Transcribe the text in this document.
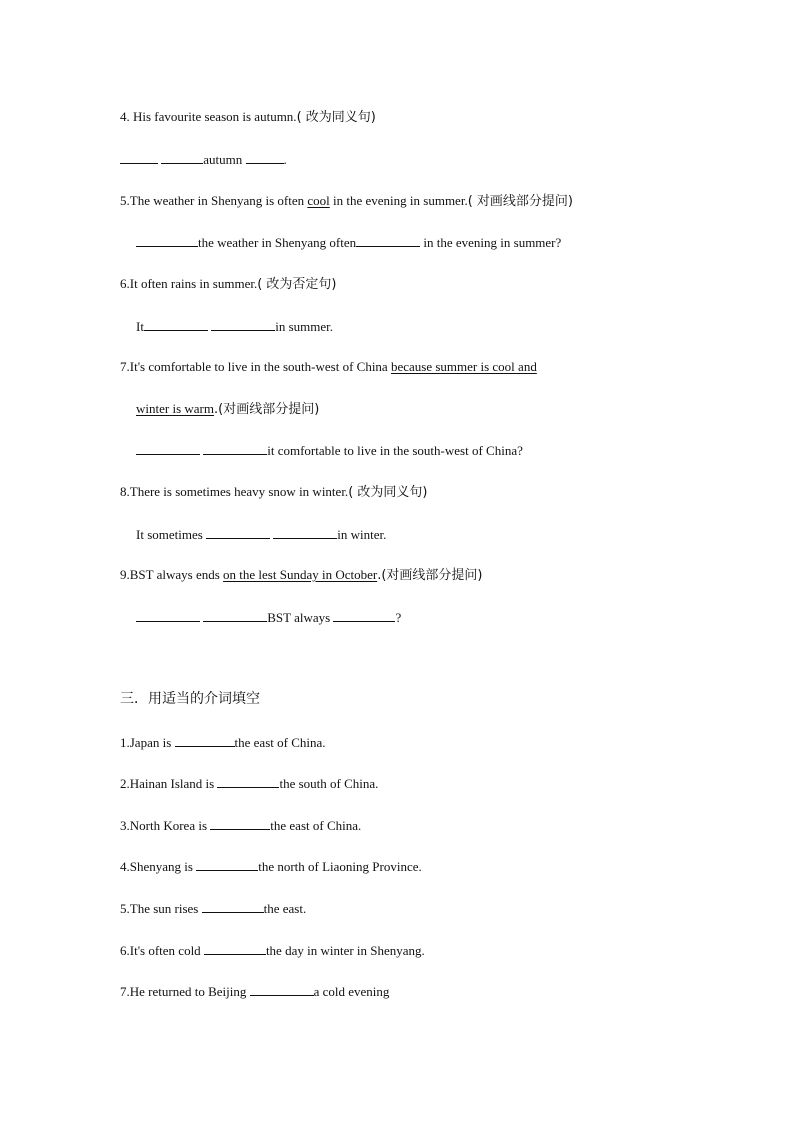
4. His favourite season is autumn.( 改为同义句)
autumn	.
5.The weather in Shenyang is often cool in the evening in summer.( 对画线部分提问)
the weather in Shenyang often	in the evening in summer?
6.It often rains in summer.( 改为否定句)
It	in summer.
7.It's comfortable to live in the south-west of China because summer is cool and
winter is warm.(对画线部分提问)
it comfortable to live in the south-west of China?
8.There is sometimes heavy snow in winter.( 改为同义句)
It sometimes	in winter.
9.BST always ends on the lest Sunday in October.(对画线部分提问)
BST always	?
三．用适当的介词填空
1.Japan is	the east of China.
2.Hainan Island is	the south of China.
3.North Korea is	the east of China.
4.Shenyang is	the north of Liaoning Province.
5.The sun rises	the east.
6.It's often cold	the day in winter in Shenyang.
7.He returned to Beijing	a cold evening
